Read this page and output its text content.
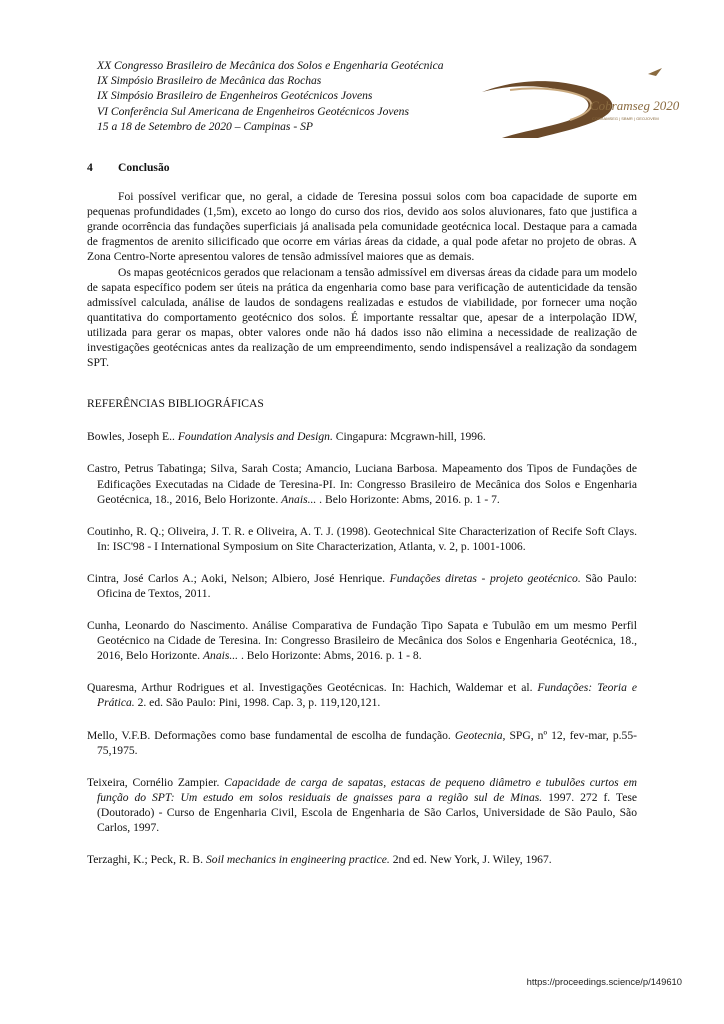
XX Congresso Brasileiro de Mecânica dos Solos e Engenharia Geotécnica
IX Simpósio Brasileiro de Mecânica das Rochas
IX Simpósio Brasileiro de Engenheiros Geotécnicos Jovens
VI Conferência Sul Americana de Engenheiros Geotécnicos Jovens
15 a 18 de Setembro de 2020 – Campinas - SP
Cobramseg 2020
COBRAMSEG | SBMR | GEOJOVEM
4 Conclusão

Foi possível verificar que, no geral, a cidade de Teresina possui solos com boa capacidade de suporte em pequenas profundidades (1,5m), exceto ao longo do curso dos rios, devido aos solos aluvionares, fato que justifica a grande ocorrência das fundações superficiais já analisada pela comunidade geotécnica local. Destaque para a camada de fragmentos de arenito silicificado que ocorre em várias áreas da cidade, a qual pode afetar no projeto de obras. A Zona Centro-Norte apresentou valores de tensão admissível maiores que as demais.

Os mapas geotécnicos gerados que relacionam a tensão admissível em diversas áreas da cidade para um modelo de sapata específico podem ser úteis na prática da engenharia como base para verificação de autenticidade da tensão admissível calculada, análise de laudos de sondagens realizadas e estudos de viabilidade, por fornecer uma noção quantitativa do comportamento geotécnico dos solos. É importante ressaltar que, apesar de a interpolação IDW, utilizada para gerar os mapas, obter valores onde não há dados isso não elimina a necessidade de realização de investigações geotécnicas antes da realização de um empreendimento, sendo indispensável a realização da sondagem SPT.

REFERÊNCIAS BIBLIOGRÁFICAS

Bowles, Joseph E.. Foundation Analysis and Design. Cingapura: Mcgrawn-hill, 1996.

Castro, Petrus Tabatinga; Silva, Sarah Costa; Amancio, Luciana Barbosa. Mapeamento dos Tipos de Fundações de Edificações Executadas na Cidade de Teresina-PI. In: Congresso Brasileiro de Mecânica dos Solos e Engenharia Geotécnica, 18., 2016, Belo Horizonte. Anais... . Belo Horizonte: Abms, 2016. p. 1 - 7.

Coutinho, R. Q.; Oliveira, J. T. R. e Oliveira, A. T. J. (1998). Geotechnical Site Characterization of Recife Soft Clays. In: ISC'98 - I International Symposium on Site Characterization, Atlanta, v. 2, p. 1001-1006.

Cintra, José Carlos A.; Aoki, Nelson; Albiero, José Henrique. Fundações diretas - projeto geotécnico. São Paulo: Oficina de Textos, 2011.

Cunha, Leonardo do Nascimento. Análise Comparativa de Fundação Tipo Sapata e Tubulão em um mesmo Perfil Geotécnico na Cidade de Teresina. In: Congresso Brasileiro de Mecânica dos Solos e Engenharia Geotécnica, 18., 2016, Belo Horizonte. Anais... . Belo Horizonte: Abms, 2016. p. 1 - 8.

Quaresma, Arthur Rodrigues et al. Investigações Geotécnicas. In: Hachich, Waldemar et al. Fundações: Teoria e Prática. 2. ed. São Paulo: Pini, 1998. Cap. 3, p. 119,120,121.

Mello, V.F.B. Deformações como base fundamental de escolha de fundação. Geotecnia, SPG, nº 12, fev-mar, p.55-75,1975.

Teixeira, Cornélio Zampier. Capacidade de carga de sapatas, estacas de pequeno diâmetro e tubulões curtos em função do SPT: Um estudo em solos residuais de gnaisses para a região sul de Minas. 1997. 272 f. Tese (Doutorado) - Curso de Engenharia Civil, Escola de Engenharia de São Carlos, Universidade de São Paulo, São Carlos, 1997.

Terzaghi, K.; Peck, R. B. Soil mechanics in engineering practice. 2nd ed. New York, J. Wiley, 1967.

https://proceedings.science/p/149610
